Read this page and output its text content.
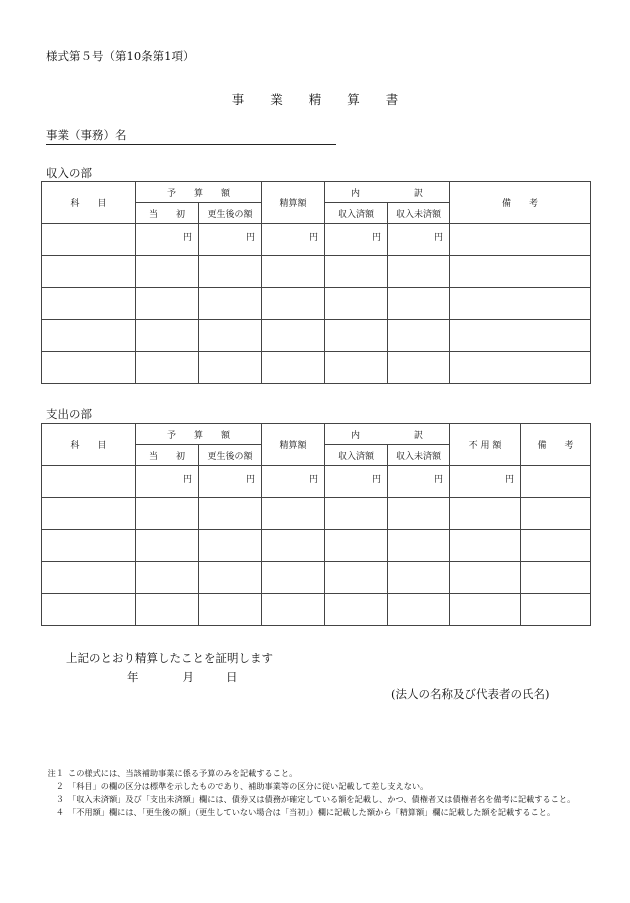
様式第５号（第10条第1項）
事 業 精 算 書
事業（事務）名
収入の部
科　　目	予　　算　　額		精算額	内　　　　　　訳		備　　考
	当　　初	更生後の額		収入済額	収入未済額	
	円	円	円	円	円	

支出の部
科　　目	予　　算　　額		精算額	内　　　　　　訳		不 用 額	備　　考
	当　　初	更生後の額		収入済額	収入未済額		
	円	円	円	円	円	円	

上記のとおり精算したことを証明します
年	月	日
(法人の名称及び代表者の氏名)
注１ この様式には、当該補助事業に係る予算のみを記載すること。
２ 「科目」の欄の区分は標準を示したものであり、補助事業等の区分に従い記載して差し支えない。
３ 「収入未済額」及び「支出未済額」欄には、債券又は債務が確定している額を記載し、かつ、債権者又は債権者名を備考に記載すること。
４ 「不用額」欄には、「更生後の額」（更生していない場合は「当初」）欄に記載した額から「精算額」欄に記載した額を記載すること。
